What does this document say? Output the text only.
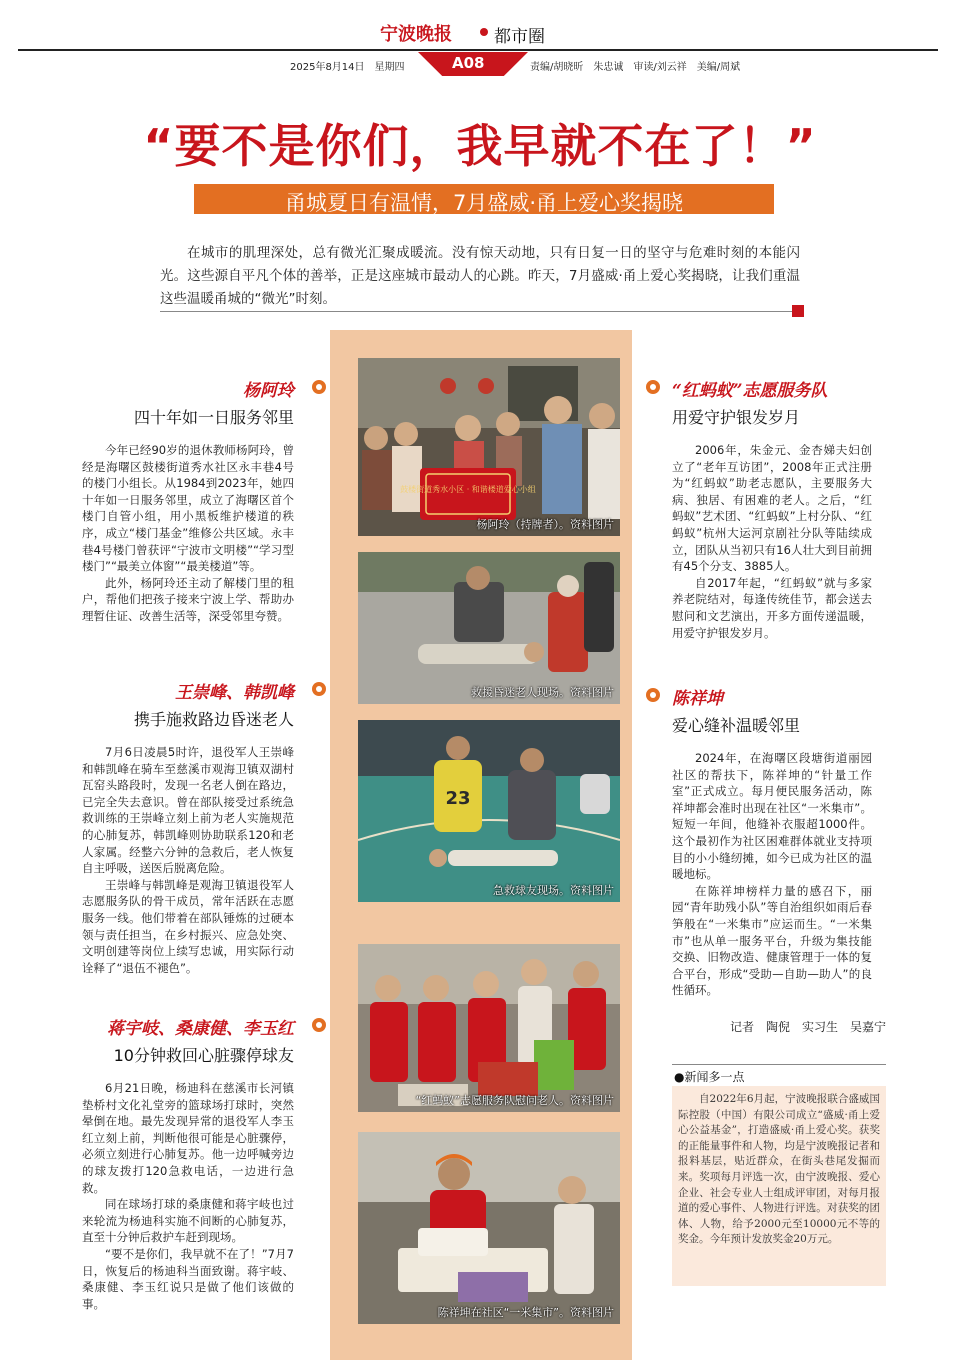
宁波晚报 都市圈
2025年8月14日　星期四	A08	责编/胡晓昕　朱忠诚　审读/刘云祥　美编/周斌
“要不是你们，我早就不在了！”
甬城夏日有温情，7月盛威·甬上爱心奖揭晓
在城市的肌理深处，总有微光汇聚成暖流。没有惊天动地，只有日复一日的坚守与危难时刻的本能闪光。这些源自平凡个体的善举，正是这座城市最动人的心跳。昨天，7月盛威·甬上爱心奖揭晓，让我们重温这些温暖甬城的“微光”时刻。
鼓楼街道秀水小区 · 和谐楼道爱心小组
杨阿玲（持牌者）。资料图片
救援昏迷老人现场。资料图片
23
急救球友现场。资料图片
“红蚂蚁”志愿服务队慰问老人。资料图片
陈祥坤在社区“一米集市”。资料图片
杨阿玲
四十年如一日服务邻里

今年已经90岁的退休教师杨阿玲，曾经是海曙区鼓楼街道秀水社区永丰巷4号的楼门小组长。从1984到2023年，她四十年如一日服务邻里，成立了海曙区首个楼门自管小组，用小黑板维护楼道的秩序，成立“楼门基金”维修公共区域。永丰巷4号楼门曾获评“宁波市文明楼”“学习型楼门”“最美立体窗”“最美楼道”等。

此外，杨阿玲还主动了解楼门里的租户，帮他们把孩子接来宁波上学、帮助办理暂住证、改善生活等，深受邻里夸赞。

王崇峰、韩凯峰
携手施救路边昏迷老人

7月6日凌晨5时许，退役军人王崇峰和韩凯峰在骑车至慈溪市观海卫镇双湖村瓦窑头路段时，发现一名老人倒在路边，已完全失去意识。曾在部队接受过系统急救训练的王崇峰立刻上前为老人实施规范的心肺复苏，韩凯峰则协助联系120和老人家属。经整六分钟的急救后，老人恢复自主呼吸，送医后脱离危险。

王崇峰与韩凯峰是观海卫镇退役军人志愿服务队的骨干成员，常年活跃在志愿服务一线。他们带着在部队锤炼的过硬本领与责任担当，在乡村振兴、应急处突、文明创建等岗位上续写忠诚，用实际行动诠释了“退伍不褪色”。

蒋宇岐、桑康健、李玉红
10分钟救回心脏骤停球友

6月21日晚，杨迪科在慈溪市长河镇垫桥村文化礼堂旁的篮球场打球时，突然晕倒在地。最先发现异常的退役军人李玉红立刻上前，判断他很可能是心脏骤停，必须立刻进行心肺复苏。他一边呼喊旁边的球友拨打120急救电话，一边进行急救。

同在球场打球的桑康健和蒋宇岐也过来轮流为杨迪科实施不间断的心肺复苏，直至十分钟后救护车赶到现场。

“要不是你们，我早就不在了！”7月7日，恢复后的杨迪科当面致谢。蒋宇岐、桑康健、李玉红说只是做了他们该做的事。

“红蚂蚁”志愿服务队
用爱守护银发岁月

2006年，朱金元、金杏娣夫妇创立了“老年互访团”，2008年正式注册为“红蚂蚁”助老志愿队，主要服务大病、独居、有困难的老人。之后，“红蚂蚁”艺术团、“红蚂蚁”上村分队、“红蚂蚁”杭州大运河京剧社分队等陆续成立，团队从当初只有16人壮大到目前拥有45个分支、3885人。

自2017年起，“红蚂蚁”就与多家养老院结对，每逢传统佳节，都会送去慰问和文艺演出，开多方面传递温暖，用爱守护银发岁月。

陈祥坤
爱心缝补温暖邻里

2024年，在海曙区段塘街道丽园社区的帮扶下，陈祥坤的“针量工作室”正式成立。每月便民服务活动，陈祥坤都会准时出现在社区“一米集市”。短短一年间，他缝补衣服超1000件。这个最初作为社区困难群体就业支持项目的小小缝纫摊，如今已成为社区的温暖地标。

在陈祥坤榜样力量的感召下，丽园“青年助残小队”等自治组织如雨后春笋般在“一米集市”应运而生。“一米集市”也从单一服务平台，升级为集技能交换、旧物改造、健康管理于一体的复合平台，形成“受助—自助—助人”的良性循环。

记者　陶倪　实习生　吴嘉宁
●新闻多一点
自2022年6月起，宁波晚报联合盛威国际控股（中国）有限公司成立“盛威·甬上爱心公益基金”，打造盛威·甬上爱心奖。获奖的正能量事件和人物，均是宁波晚报记者和报料基层，贴近群众，在街头巷尾发掘而来。奖项每月评选一次，由宁波晚报、爱心企业、社会专业人士组成评审团，对每月报道的爱心事件、人物进行评选。对获奖的团体、人物，给予2000元至10000元不等的奖金。今年预计发放奖金20万元。
